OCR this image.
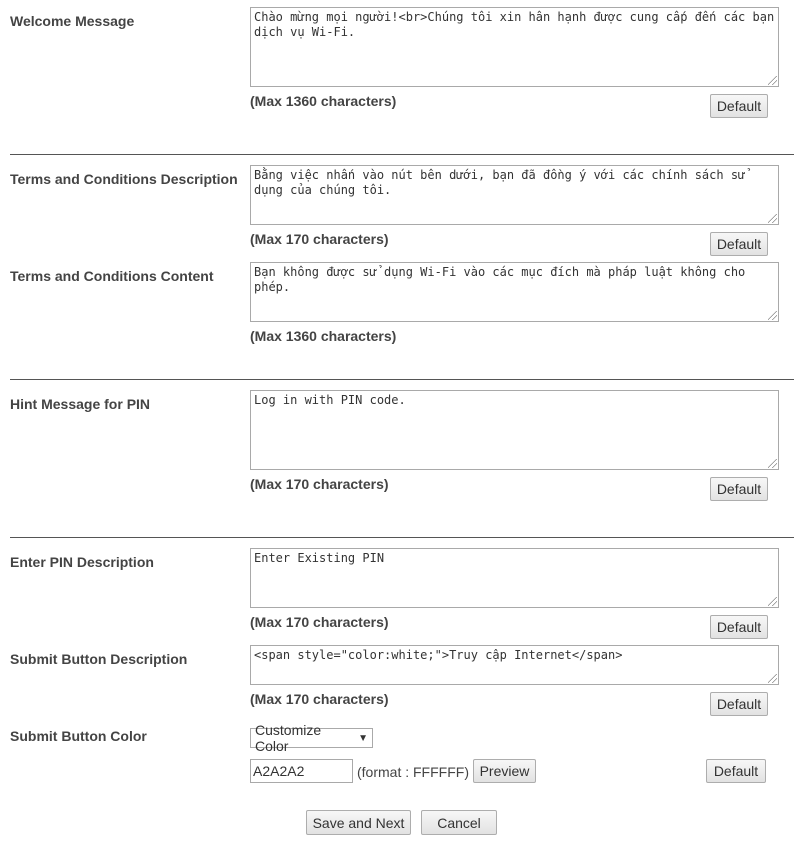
Welcome Message	Chào mừng mọi người!<br>Chúng tôi xin hân hạnh được cung cấp đến các bạn dịch vụ Wi-Fi.
(Max 1360 characters)	Default
Terms and Conditions Description	Bằng việc nhấn vào nút bên dưới, bạn đã đồng ý với các chính sách sử dụng của chúng tôi.
(Max 170 characters)	Default
Terms and Conditions Content	Bạn không được sử dụng Wi-Fi vào các mục đích mà pháp luật không cho phép.
(Max 1360 characters)
Hint Message for PIN	Log in with PIN code.
(Max 170 characters)	Default
Enter PIN Description	Enter Existing PIN
(Max 170 characters)	Default
Submit Button Description	<span style="color:white;">Truy cập Internet</span>
(Max 170 characters)	Default
Submit Button Color	Customize Color	▼
A2A2A2	(format : FFFFFF) Preview	Default
Save and Next	Cancel
